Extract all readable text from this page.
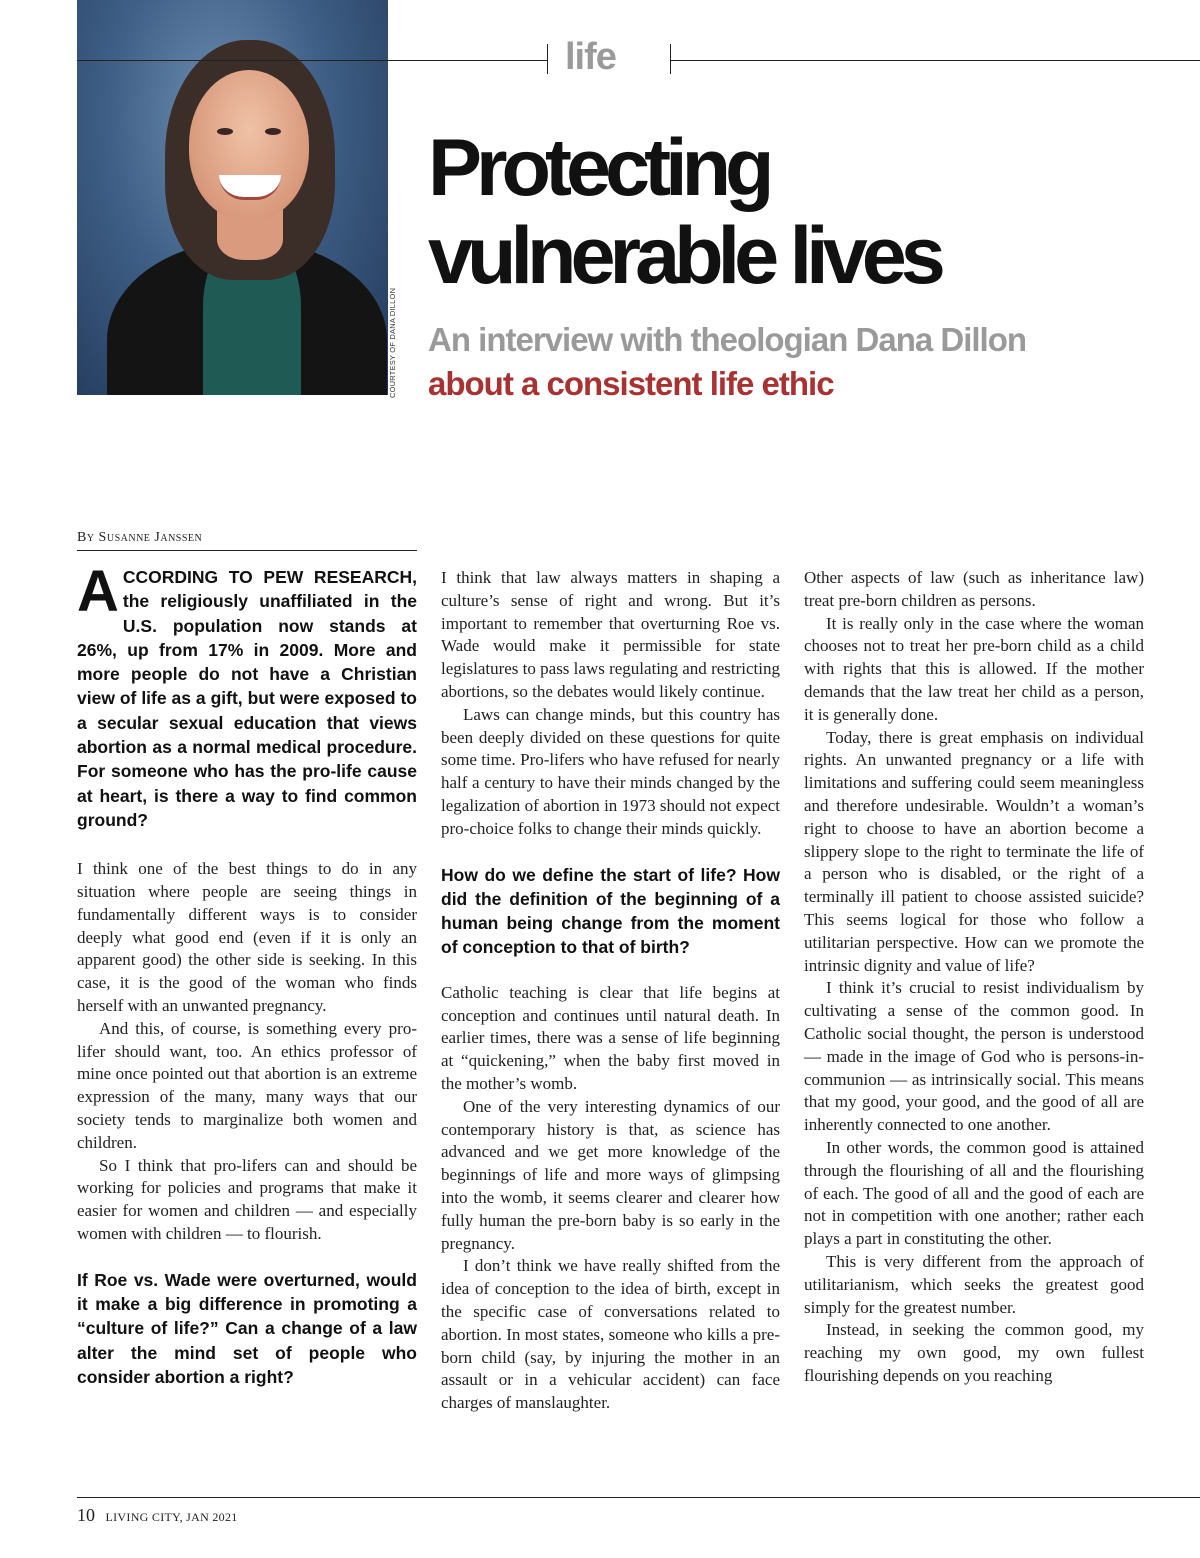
COURTESY OF DANA DILLON
life
Protecting
vulnerable lives

An interview with theologian Dana Dillon about a consistent life ethic

By Susanne Janssen

ACCORDING TO PEW RESEARCH, the religiously unaffiliated in the U.S. population now stands at 26%, up from 17% in 2009. More and more people do not have a Christian view of life as a gift, but were exposed to a secular sexual education that views abortion as a normal medical procedure. For someone who has the pro-life cause at heart, is there a way to find common ground?

I think one of the best things to do in any situation where people are seeing things in fundamentally different ways is to consider deeply what good end (even if it is only an apparent good) the other side is seeking. In this case, it is the good of the woman who finds herself with an unwanted pregnancy.

And this, of course, is something every pro-lifer should want, too. An ethics professor of mine once pointed out that abortion is an extreme expression of the many, many ways that our society tends to marginalize both women and children.

So I think that pro-lifers can and should be working for policies and programs that make it easier for women and children — and especially women with children — to flourish.

If Roe vs. Wade were overturned, would it make a big difference in promoting a “culture of life?” Can a change of a law alter the mind set of people who consider abortion a right?

I think that law always matters in shaping a culture’s sense of right and wrong. But it’s important to remember that overturning Roe vs. Wade would make it permissible for state legislatures to pass laws regulating and restricting abortions, so the debates would likely continue.

Laws can change minds, but this country has been deeply divided on these questions for quite some time. Pro-lifers who have refused for nearly half a century to have their minds changed by the legalization of abortion in 1973 should not expect pro-choice folks to change their minds quickly.

How do we define the start of life? How did the definition of the beginning of a human being change from the moment of conception to that of birth?

Catholic teaching is clear that life begins at conception and continues until natural death. In earlier times, there was a sense of life beginning at “quickening,” when the baby first moved in the mother’s womb.

One of the very interesting dynamics of our contemporary history is that, as science has advanced and we get more knowledge of the beginnings of life and more ways of glimpsing into the womb, it seems clearer and clearer how fully human the pre-born baby is so early in the pregnancy.

I don’t think we have really shifted from the idea of conception to the idea of birth, except in the specific case of conversations related to abortion. In most states, someone who kills a pre-born child (say, by injuring the mother in an assault or in a vehicular accident) can face charges of manslaughter.

Other aspects of law (such as inheritance law) treat pre-born children as persons.

It is really only in the case where the woman chooses not to treat her pre-born child as a child with rights that this is allowed. If the mother demands that the law treat her child as a person, it is generally done.

Today, there is great emphasis on individual rights. An unwanted pregnancy or a life with limitations and suffering could seem meaningless and therefore undesirable. Wouldn’t a woman’s right to choose to have an abortion become a slippery slope to the right to terminate the life of a person who is disabled, or the right of a terminally ill patient to choose assisted suicide? This seems logical for those who follow a utilitarian perspective. How can we promote the intrinsic dignity and value of life?

I think it’s crucial to resist individualism by cultivating a sense of the common good. In Catholic social thought, the person is understood — made in the image of God who is persons-in-communion — as intrinsically social. This means that my good, your good, and the good of all are inherently connected to one another.

In other words, the common good is attained through the flourishing of all and the flourishing of each. The good of all and the good of each are not in competition with one another; rather each plays a part in constituting the other.

This is very different from the approach of utilitarianism, which seeks the greatest good simply for the greatest number.

Instead, in seeking the common good, my reaching my own good, my own fullest flourishing depends on you reaching

10 LIVING CITY, JAN 2021
